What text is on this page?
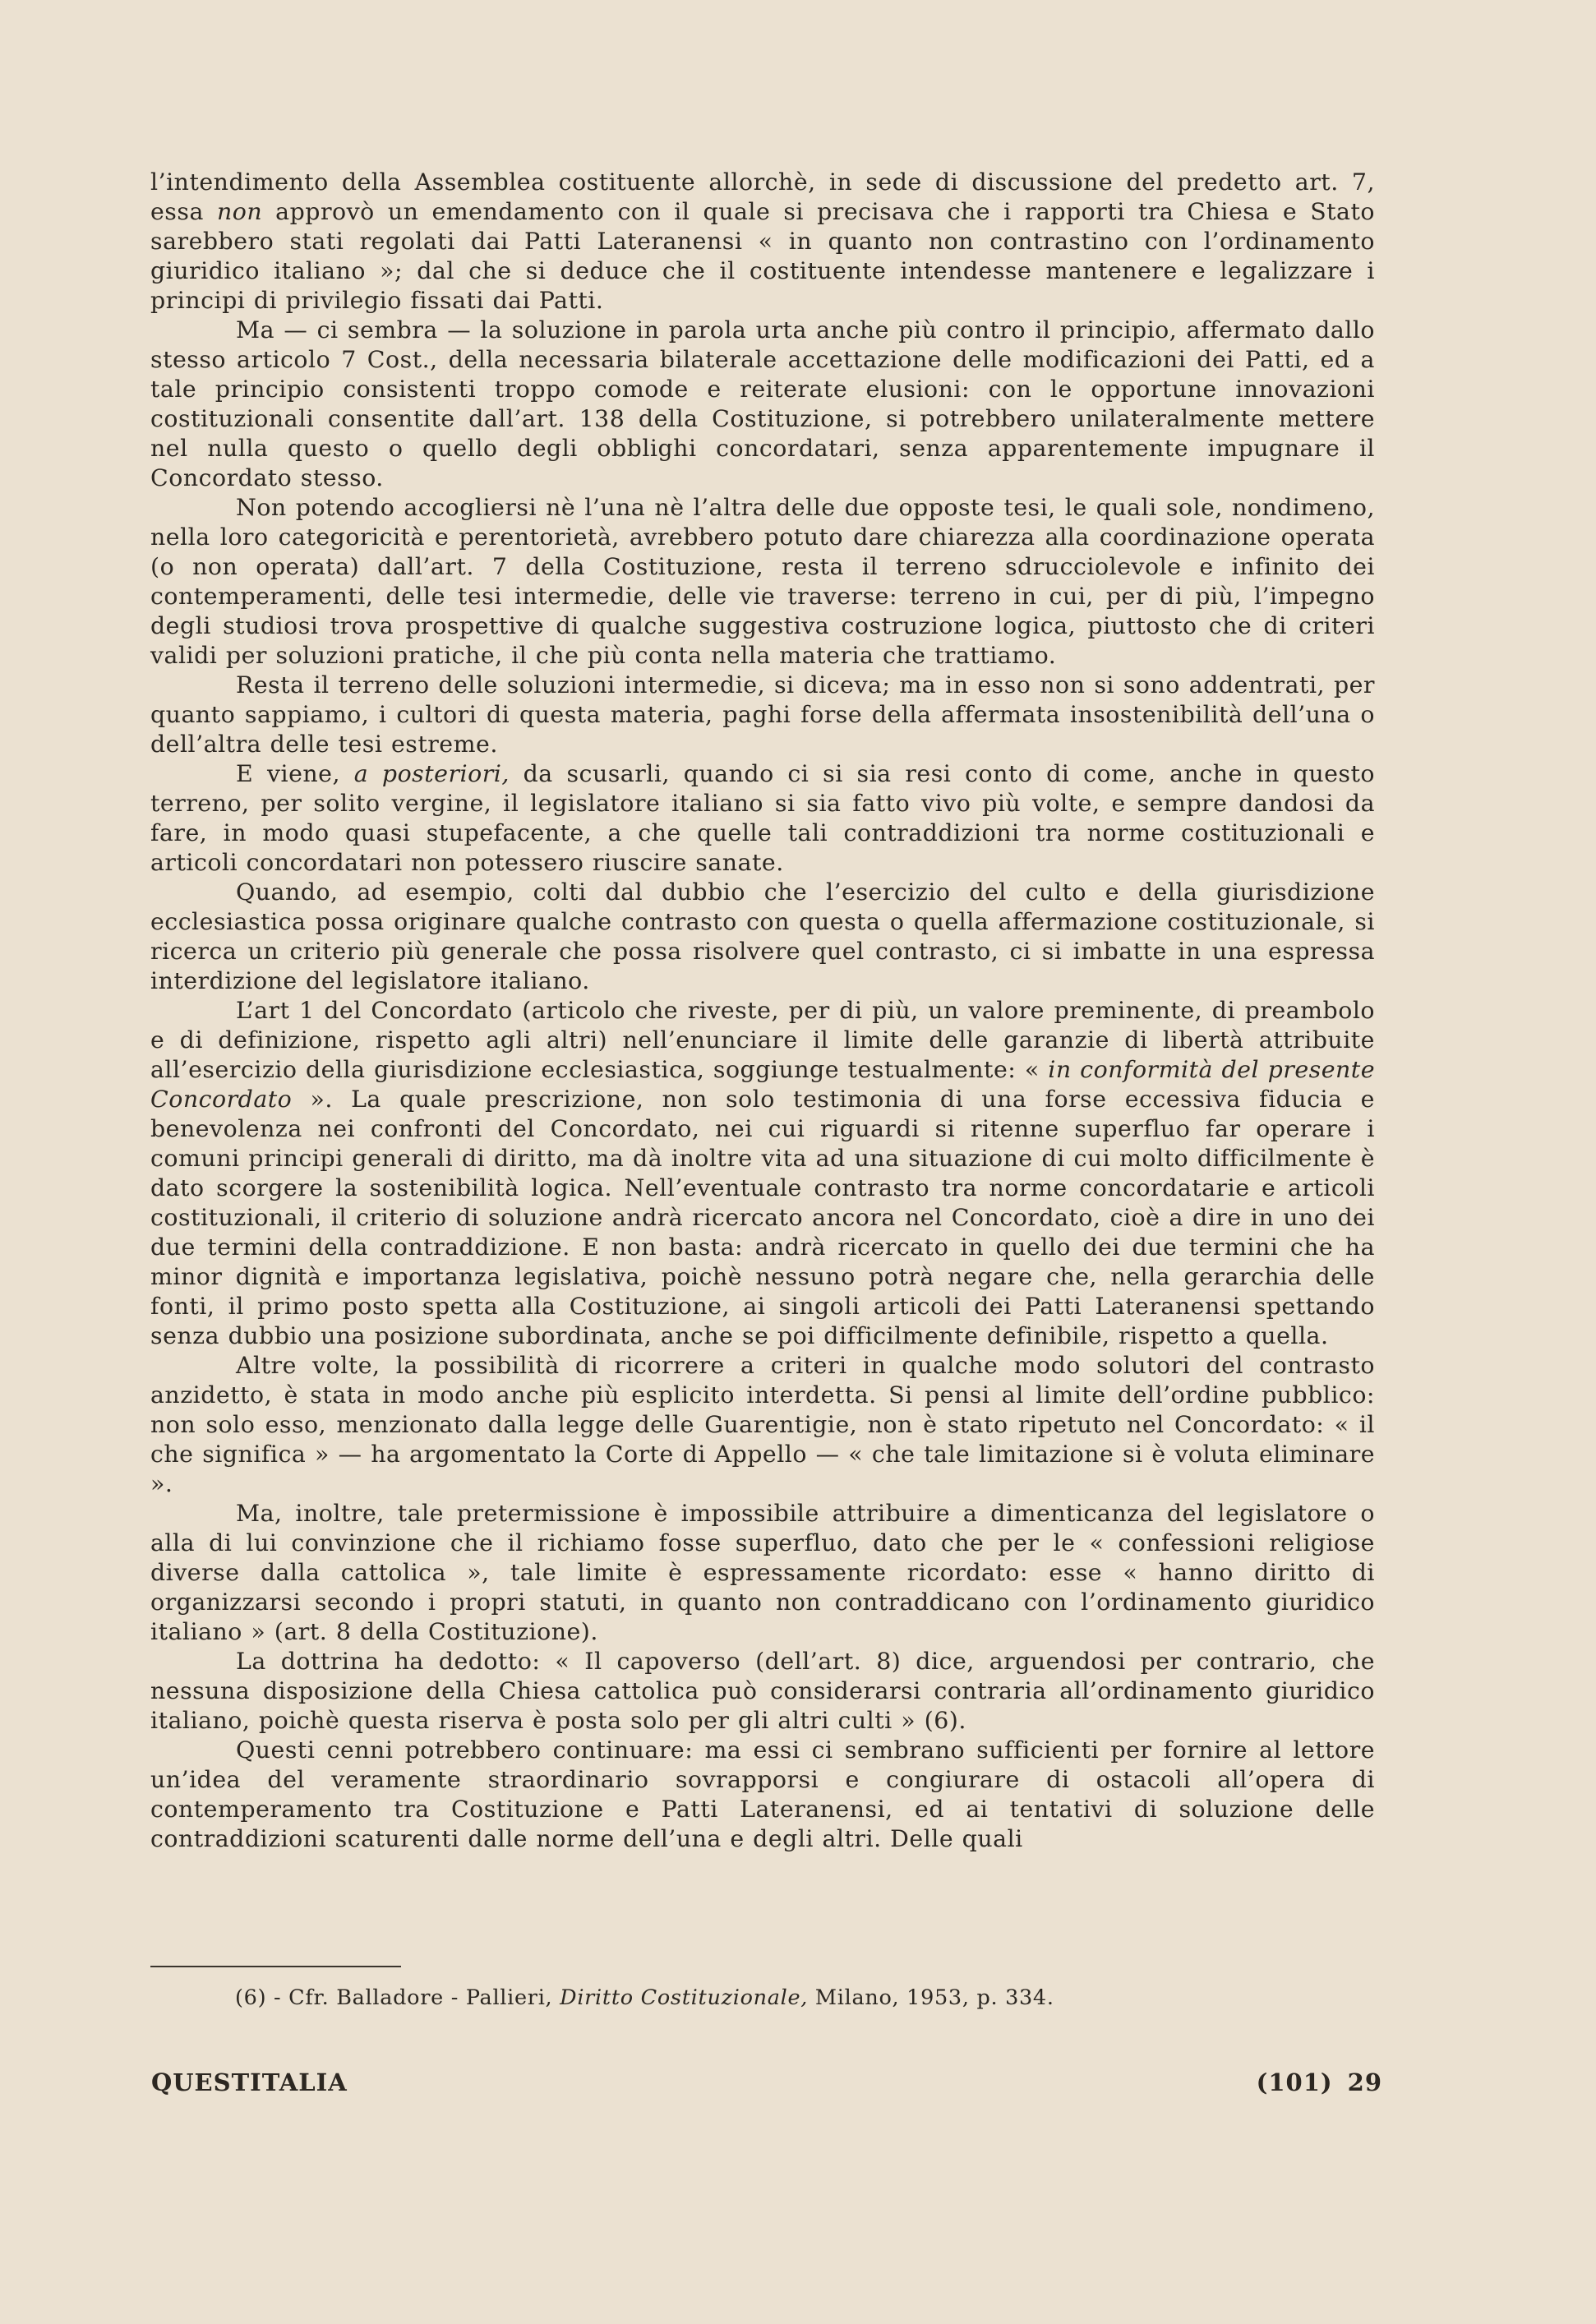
l’intendimento della Assemblea costituente allorchè, in sede di discussione del predetto art. 7, essa non approvò un emendamento con il quale si precisava che i rapporti tra Chiesa e Stato sarebbero stati regolati dai Patti Lateranensi « in quanto non contrastino con l’ordinamento giuridico italiano »; dal che si deduce che il costituente intendesse mantenere e legalizzare i principi di privilegio fissati dai Patti.

Ma — ci sembra — la soluzione in parola urta anche più contro il principio, affermato dallo stesso articolo 7 Cost., della necessaria bilaterale accettazione delle modificazioni dei Patti, ed a tale principio consistenti troppo comode e reiterate elusioni: con le opportune innovazioni costituzionali consentite dall’art. 138 della Costituzione, si potrebbero unilateralmente mettere nel nulla questo o quello degli obblighi concordatari, senza apparentemente impugnare il Concordato stesso.

Non potendo accogliersi nè l’una nè l’altra delle due opposte tesi, le quali sole, nondimeno, nella loro categoricità e perentorietà, avrebbero potuto dare chiarezza alla coordinazione operata (o non operata) dall’art. 7 della Costituzione, resta il terreno sdrucciolevole e infinito dei contemperamenti, delle tesi intermedie, delle vie traverse: terreno in cui, per di più, l’impegno degli studiosi trova prospettive di qualche suggestiva costruzione logica, piuttosto che di criteri validi per soluzioni pratiche, il che più conta nella materia che trattiamo.

Resta il terreno delle soluzioni intermedie, si diceva; ma in esso non si sono addentrati, per quanto sappiamo, i cultori di questa materia, paghi forse della affermata insostenibilità dell’una o dell’altra delle tesi estreme.

E viene, a posteriori, da scusarli, quando ci si sia resi conto di come, anche in questo terreno, per solito vergine, il legislatore italiano si sia fatto vivo più volte, e sempre dandosi da fare, in modo quasi stupefacente, a che quelle tali contraddizioni tra norme costituzionali e articoli concordatari non potessero riuscire sanate.

Quando, ad esempio, colti dal dubbio che l’esercizio del culto e della giurisdizione ecclesiastica possa originare qualche contrasto con questa o quella affermazione costituzionale, si ricerca un criterio più generale che possa risolvere quel contrasto, ci si imbatte in una espressa interdizione del legislatore italiano.

L’art 1 del Concordato (articolo che riveste, per di più, un valore preminente, di preambolo e di definizione, rispetto agli altri) nell’enunciare il limite delle garanzie di libertà attribuite all’esercizio della giurisdizione ecclesiastica, soggiunge testualmente: « in conformità del presente Concordato ». La quale prescrizione, non solo testimonia di una forse eccessiva fiducia e benevolenza nei confronti del Concordato, nei cui riguardi si ritenne superfluo far operare i comuni principi generali di diritto, ma dà inoltre vita ad una situazione di cui molto difficilmente è dato scorgere la sostenibilità logica. Nell’eventuale contrasto tra norme concordatarie e articoli costituzionali, il criterio di soluzione andrà ricercato ancora nel Concordato, cioè a dire in uno dei due termini della contraddizione. E non basta: andrà ricercato in quello dei due termini che ha minor dignità e importanza legislativa, poichè nessuno potrà negare che, nella gerarchia delle fonti, il primo posto spetta alla Costituzione, ai singoli articoli dei Patti Lateranensi spettando senza dubbio una posizione subordinata, anche se poi difficilmente definibile, rispetto a quella.

Altre volte, la possibilità di ricorrere a criteri in qualche modo solutori del contrasto anzidetto, è stata in modo anche più esplicito interdetta. Si pensi al limite dell’ordine pubblico: non solo esso, menzionato dalla legge delle Guarentigie, non è stato ripetuto nel Concordato: « il che significa » — ha argomentato la Corte di Appello — « che tale limitazione si è voluta eliminare ».

Ma, inoltre, tale pretermissione è impossibile attribuire a dimenticanza del legislatore o alla di lui convinzione che il richiamo fosse superfluo, dato che per le « confessioni religiose diverse dalla cattolica », tale limite è espressamente ricordato: esse « hanno diritto di organizzarsi secondo i propri statuti, in quanto non contraddicano con l’ordinamento giuridico italiano » (art. 8 della Costituzione).

La dottrina ha dedotto: « Il capoverso (dell’art. 8) dice, arguendosi per contrario, che nessuna disposizione della Chiesa cattolica può considerarsi contraria all’ordinamento giuridico italiano, poichè questa riserva è posta solo per gli altri culti » (6).

Questi cenni potrebbero continuare: ma essi ci sembrano sufficienti per fornire al lettore un’idea del veramente straordinario sovrapporsi e congiurare di ostacoli all’opera di contemperamento tra Costituzione e Patti Lateranensi, ed ai tentativi di soluzione delle contraddizioni scaturenti dalle norme dell’una e degli altri. Delle quali

(6) - Cfr. Balladore - Pallieri, Diritto Costituzionale, Milano, 1953, p. 334.

QUESTITALIA	(101) 29
